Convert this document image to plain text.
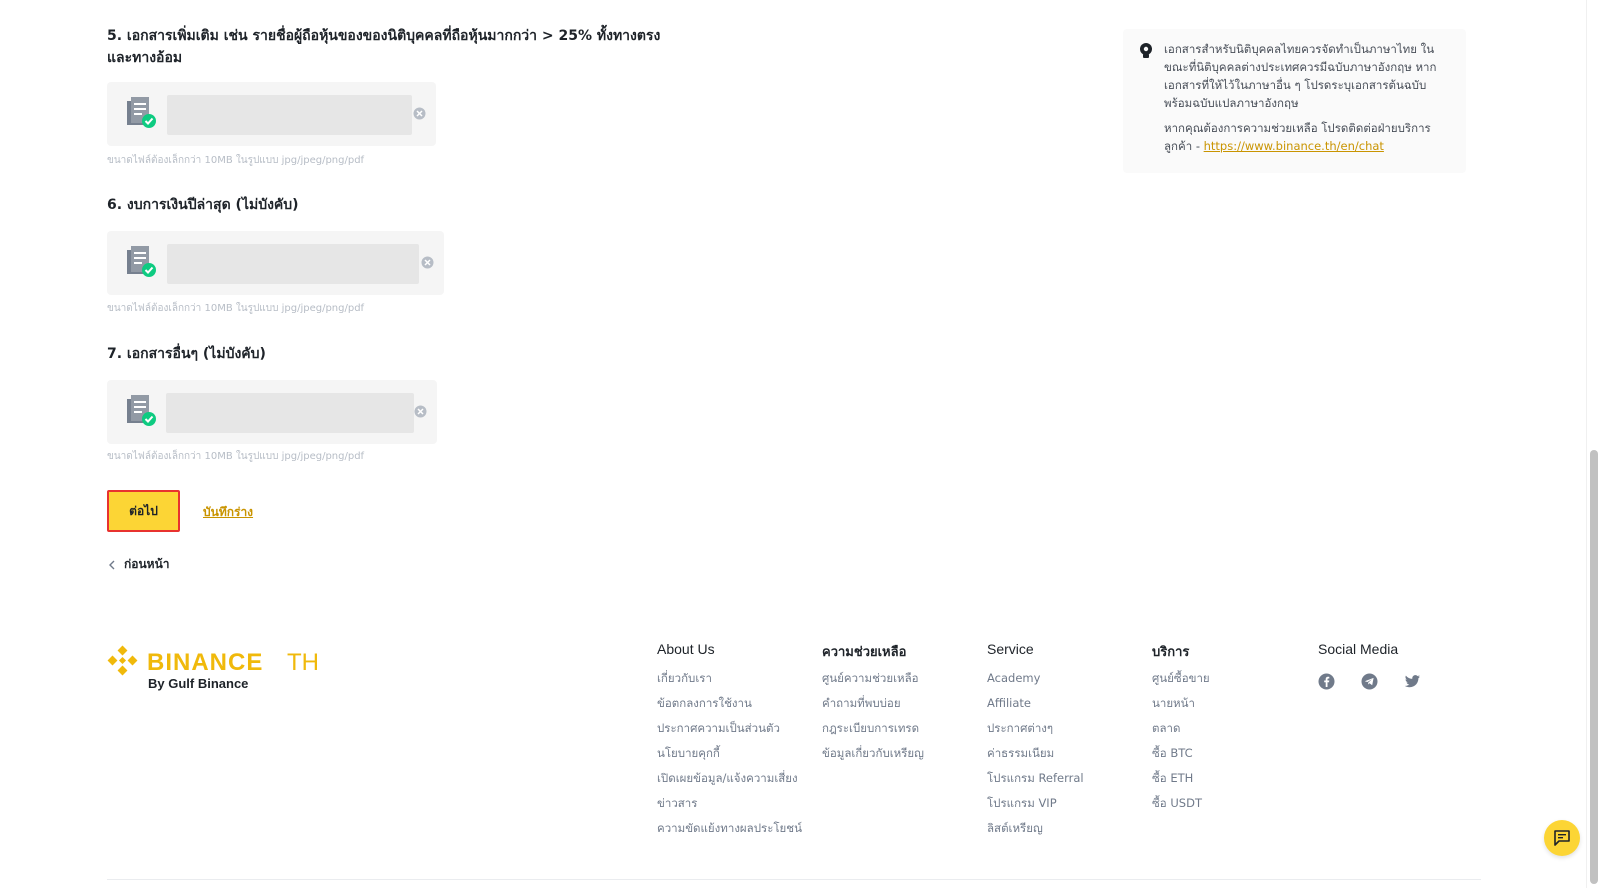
5. เอกสารเพิ่มเติม เช่น รายชื่อผู้ถือหุ้นของของนิติบุคคลที่ถือหุ้นมากกว่า > 25% ทั้งทางตรง
และทางอ้อม
ขนาดไฟล์ต้องเล็กกว่า 10MB ในรูปแบบ jpg/jpeg/png/pdf
6. งบการเงินปีล่าสุด (ไม่บังคับ)
ขนาดไฟล์ต้องเล็กกว่า 10MB ในรูปแบบ jpg/jpeg/png/pdf
7. เอกสารอื่นๆ (ไม่บังคับ)
ขนาดไฟล์ต้องเล็กกว่า 10MB ในรูปแบบ jpg/jpeg/png/pdf
ต่อไป	บันทึกร่าง
ก่อนหน้า
เอกสารสำหรับนิติบุคคลไทยควรจัดทำเป็นภาษาไทย ในขณะที่นิติบุคคลต่างประเทศควรมีฉบับภาษาอังกฤษ หากเอกสารที่ให้ไว้ในภาษาอื่น ๆ โปรดระบุเอกสารต้นฉบับพร้อมฉบับแปลภาษาอังกฤษ
หากคุณต้องการความช่วยเหลือ โปรดติดต่อฝ่ายบริการลูกค้า - https://www.binance.th/en/chat
BINANCE TH
By Gulf Binance
About Us
เกี่ยวกับเรา
ข้อตกลงการใช้งาน
ประกาศความเป็นส่วนตัว
นโยบายคุกกี้
เปิดเผยข้อมูล/แจ้งความเสี่ยง
ข่าวสาร
ความขัดแย้งทางผลประโยชน์
ความช่วยเหลือ
ศูนย์ความช่วยเหลือ
คำถามที่พบบ่อย
กฎระเบียบการเทรด
ข้อมูลเกี่ยวกับเหรียญ
Service
Academy
Affiliate
ประกาศต่างๆ
ค่าธรรมเนียม
โปรแกรม Referral
โปรแกรม VIP
ลิสต์เหรียญ
บริการ
ศูนย์ซื้อขาย
นายหน้า
ตลาด
ซื้อ BTC
ซื้อ ETH
ซื้อ USDT
Social Media
